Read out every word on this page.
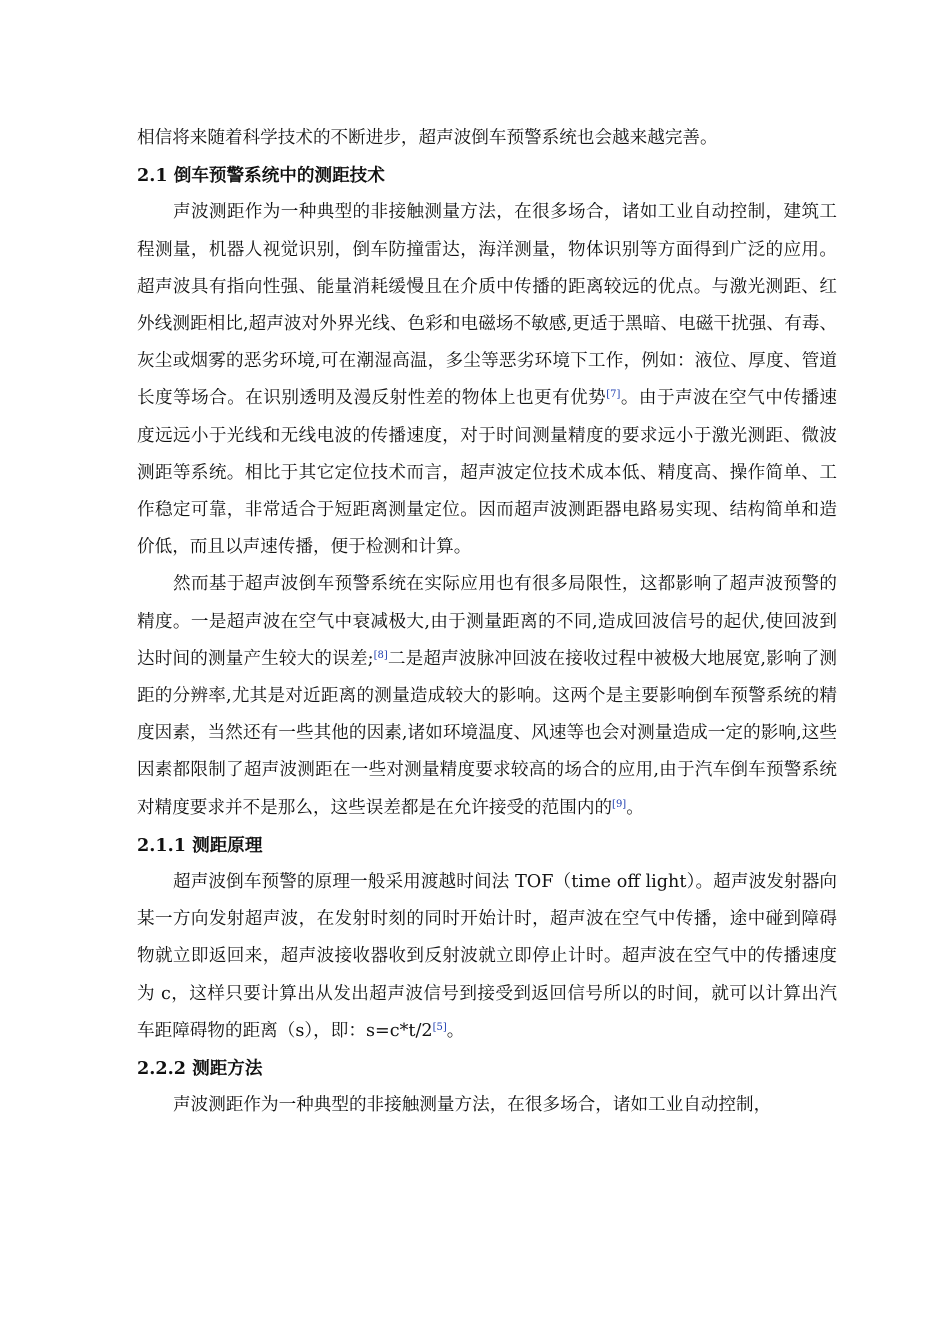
相信将来随着科学技术的不断进步，超声波倒车预警系统也会越来越完善。

2.1 倒车预警系统中的测距技术

声波测距作为一种典型的非接触测量方法，在很多场合，诸如工业自动控制，建筑工程测量，机器人视觉识别，倒车防撞雷达，海洋测量，物体识别等方面得到广泛的应用。超声波具有指向性强、能量消耗缓慢且在介质中传播的距离较远的优点。与激光测距、红外线测距相比,超声波对外界光线、色彩和电磁场不敏感,更适于黑暗、电磁干扰强、有毒、灰尘或烟雾的恶劣环境,可在潮湿高温，多尘等恶劣环境下工作，例如：液位、厚度、管道长度等场合。在识别透明及漫反射性差的物体上也更有优势[7]。由于声波在空气中传播速度远远小于光线和无线电波的传播速度，对于时间测量精度的要求远小于激光测距、微波测距等系统。相比于其它定位技术而言，超声波定位技术成本低、精度高、操作简单、工作稳定可靠，非常适合于短距离测量定位。因而超声波测距器电路易实现、结构简单和造价低，而且以声速传播，便于检测和计算。

然而基于超声波倒车预警系统在实际应用也有很多局限性，这都影响了超声波预警的精度。一是超声波在空气中衰减极大,由于测量距离的不同,造成回波信号的起伏,使回波到达时间的测量产生较大的误差;[8]二是超声波脉冲回波在接收过程中被极大地展宽,影响了测距的分辨率,尤其是对近距离的测量造成较大的影响。这两个是主要影响倒车预警系统的精度因素，当然还有一些其他的因素,诸如环境温度、风速等也会对测量造成一定的影响,这些因素都限制了超声波测距在一些对测量精度要求较高的场合的应用,由于汽车倒车预警系统对精度要求并不是那么，这些误差都是在允许接受的范围内的[9]。

2.1.1 测距原理

超声波倒车预警的原理一般采用渡越时间法 TOF（time off light）。超声波发射器向某一方向发射超声波，在发射时刻的同时开始计时，超声波在空气中传播，途中碰到障碍物就立即返回来，超声波接收器收到反射波就立即停止计时。超声波在空气中的传播速度为 c，这样只要计算出从发出超声波信号到接受到返回信号所以的时间，就可以计算出汽车距障碍物的距离（s），即：s=c*t/2[5]。

2.2.2 测距方法

声波测距作为一种典型的非接触测量方法，在很多场合，诸如工业自动控制，
